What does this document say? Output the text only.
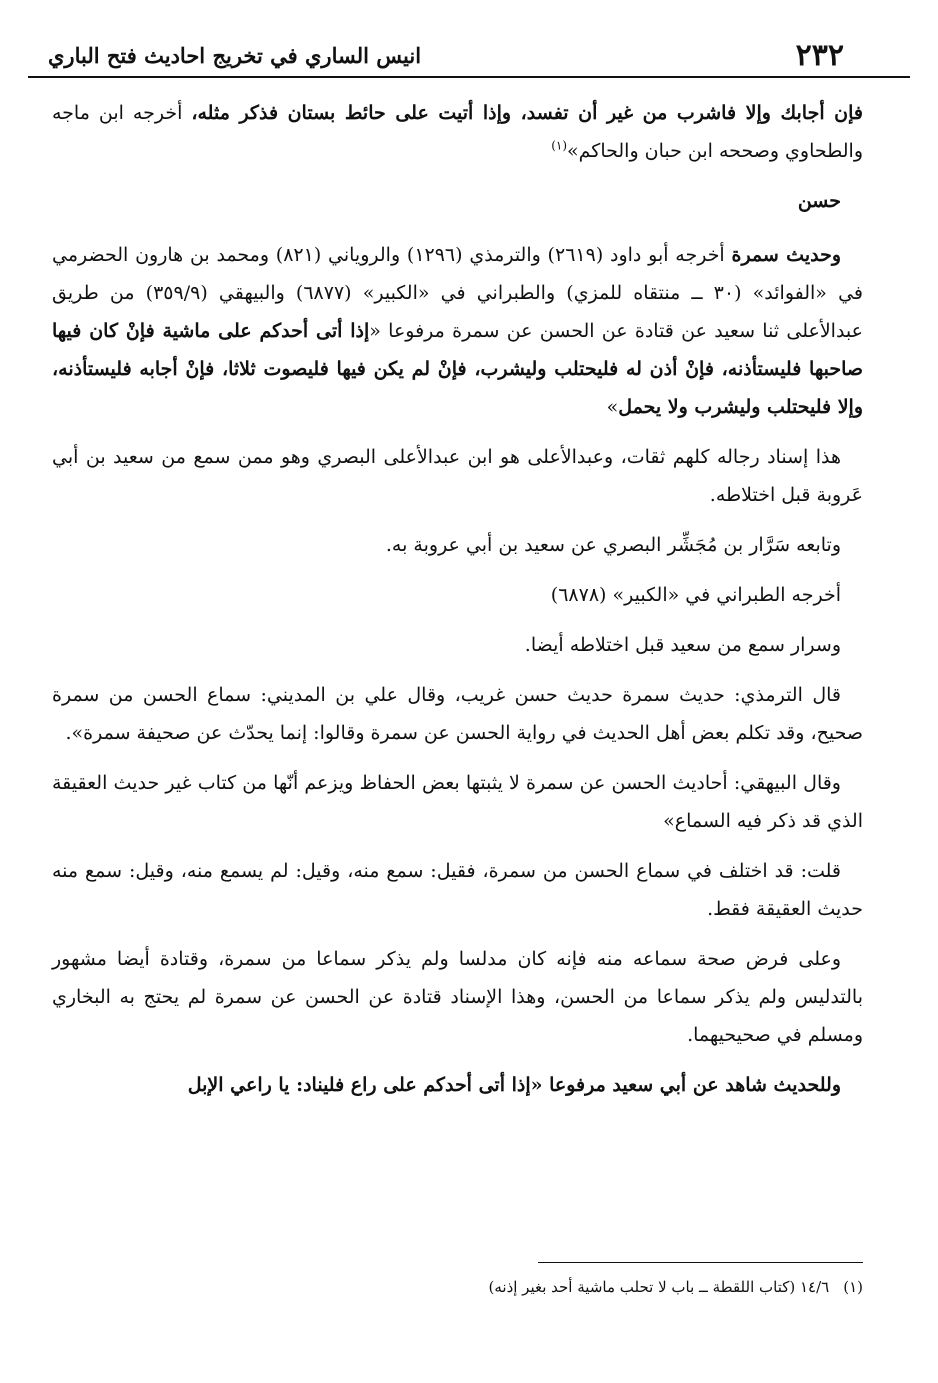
٢٣٢
انيس الساري في تخريج احاديث فتح الباري

فإن أجابك وإلا فاشرب من غير أن تفسد، وإذا أتيت على حائط بستان فذكر مثله، أخرجه ابن ماجه والطحاوي وصححه ابن حبان والحاكم»$^{(١)}$

حسن

وحديث سمرة أخرجه أبو داود (٢٦١٩) والترمذي (١٢٩٦) والروياني (٨٢١) ومحمد بن هارون الحضرمي في «الفوائد» (٣٠ ــ منتقاه للمزي) والطبراني في «الكبير» (٦٨٧٧) والبيهقي (٣٥٩/٩) من طريق عبدالأعلى ثنا سعيد عن قتادة عن الحسن عن سمرة مرفوعا «إذا أتى أحدكم على ماشية فإنْ كان فيها صاحبها فليستأذنه، فإنْ أذن له فليحتلب وليشرب، فإنْ لم يكن فيها فليصوت ثلاثا، فإنْ أجابه فليستأذنه، وإلا فليحتلب وليشرب ولا يحمل»

هذا إسناد رجاله كلهم ثقات، وعبدالأعلى هو ابن عبدالأعلى البصري وهو ممن سمع من سعيد بن أبي عَروبة قبل اختلاطه.

وتابعه سَرَّار بن مُجَشِّر البصري عن سعيد بن أبي عروبة به.

أخرجه الطبراني في «الكبير» (٦٨٧٨)

وسرار سمع من سعيد قبل اختلاطه أيضا.

قال الترمذي: حديث سمرة حديث حسن غريب، وقال علي بن المديني: سماع الحسن من سمرة صحيح، وقد تكلم بعض أهل الحديث في رواية الحسن عن سمرة وقالوا: إنما يحدّث عن صحيفة سمرة».

وقال البيهقي: أحاديث الحسن عن سمرة لا يثبتها بعض الحفاظ ويزعم أنّها من كتاب غير حديث العقيقة الذي قد ذكر فيه السماع»

قلت: قد اختلف في سماع الحسن من سمرة، فقيل: سمع منه، وقيل: لم يسمع منه، وقيل: سمع منه حديث العقيقة فقط.

وعلى فرض صحة سماعه منه فإنه كان مدلسا ولم يذكر سماعا من سمرة، وقتادة أيضا مشهور بالتدليس ولم يذكر سماعا من الحسن، وهذا الإسناد قتادة عن الحسن عن سمرة لم يحتج به البخاري ومسلم في صحيحيهما.

وللحديث شاهد عن أبي سعيد مرفوعا «إذا أتى أحدكم على راع فليناد: يا راعي الإبل

(١)١٤/٦ (كتاب اللقطة ــ باب لا تحلب ماشية أحد بغير إذنه)
